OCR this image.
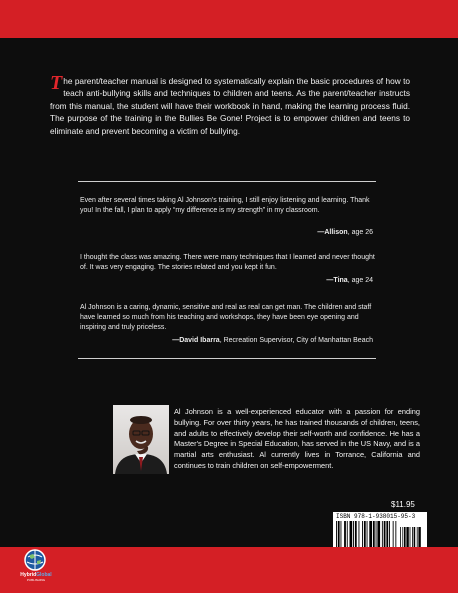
The parent/teacher manual is designed to systematically explain the basic procedures of how to teach anti-bullying skills and techniques to children and teens. As the parent/teacher instructs from this manual, the student will have their workbook in hand, making the learning process fluid. The purpose of the training in the Bullies Be Gone! Project is to empower children and teens to eliminate and prevent becoming a victim of bullying.

Even after several times taking Al Johnson's training, I still enjoy listening and learning. Thank you! In the fall, I plan to apply “my difference is my strength” in my classroom.

—Allison, age 26

I thought the class was amazing. There were many techniques that I learned and never thought of. It was very engaging. The stories related and you kept it fun.

—Tina, age 24

Al Johnson is a caring, dynamic, sensitive and real as real can get man. The children and staff have learned so much from his teaching and workshops, they have been eye opening and inspiring and truly priceless.

—David Ibarra, Recreation Supervisor, City of Manhattan Beach

Al Johnson is a well-experienced educator with a passion for ending bullying. For over thirty years, he has trained thousands of children, teens, and adults to effectively develop their self-worth and confidence. He has a Master's Degree in Special Education, has served in the US Navy, and is a martial arts enthusiast. Al currently lives in Torrance, California and continues to train children on self-empowerment.

$11.95
ISBN 978-1-938015-95-3
HybridGlobal
PUBLISHING
